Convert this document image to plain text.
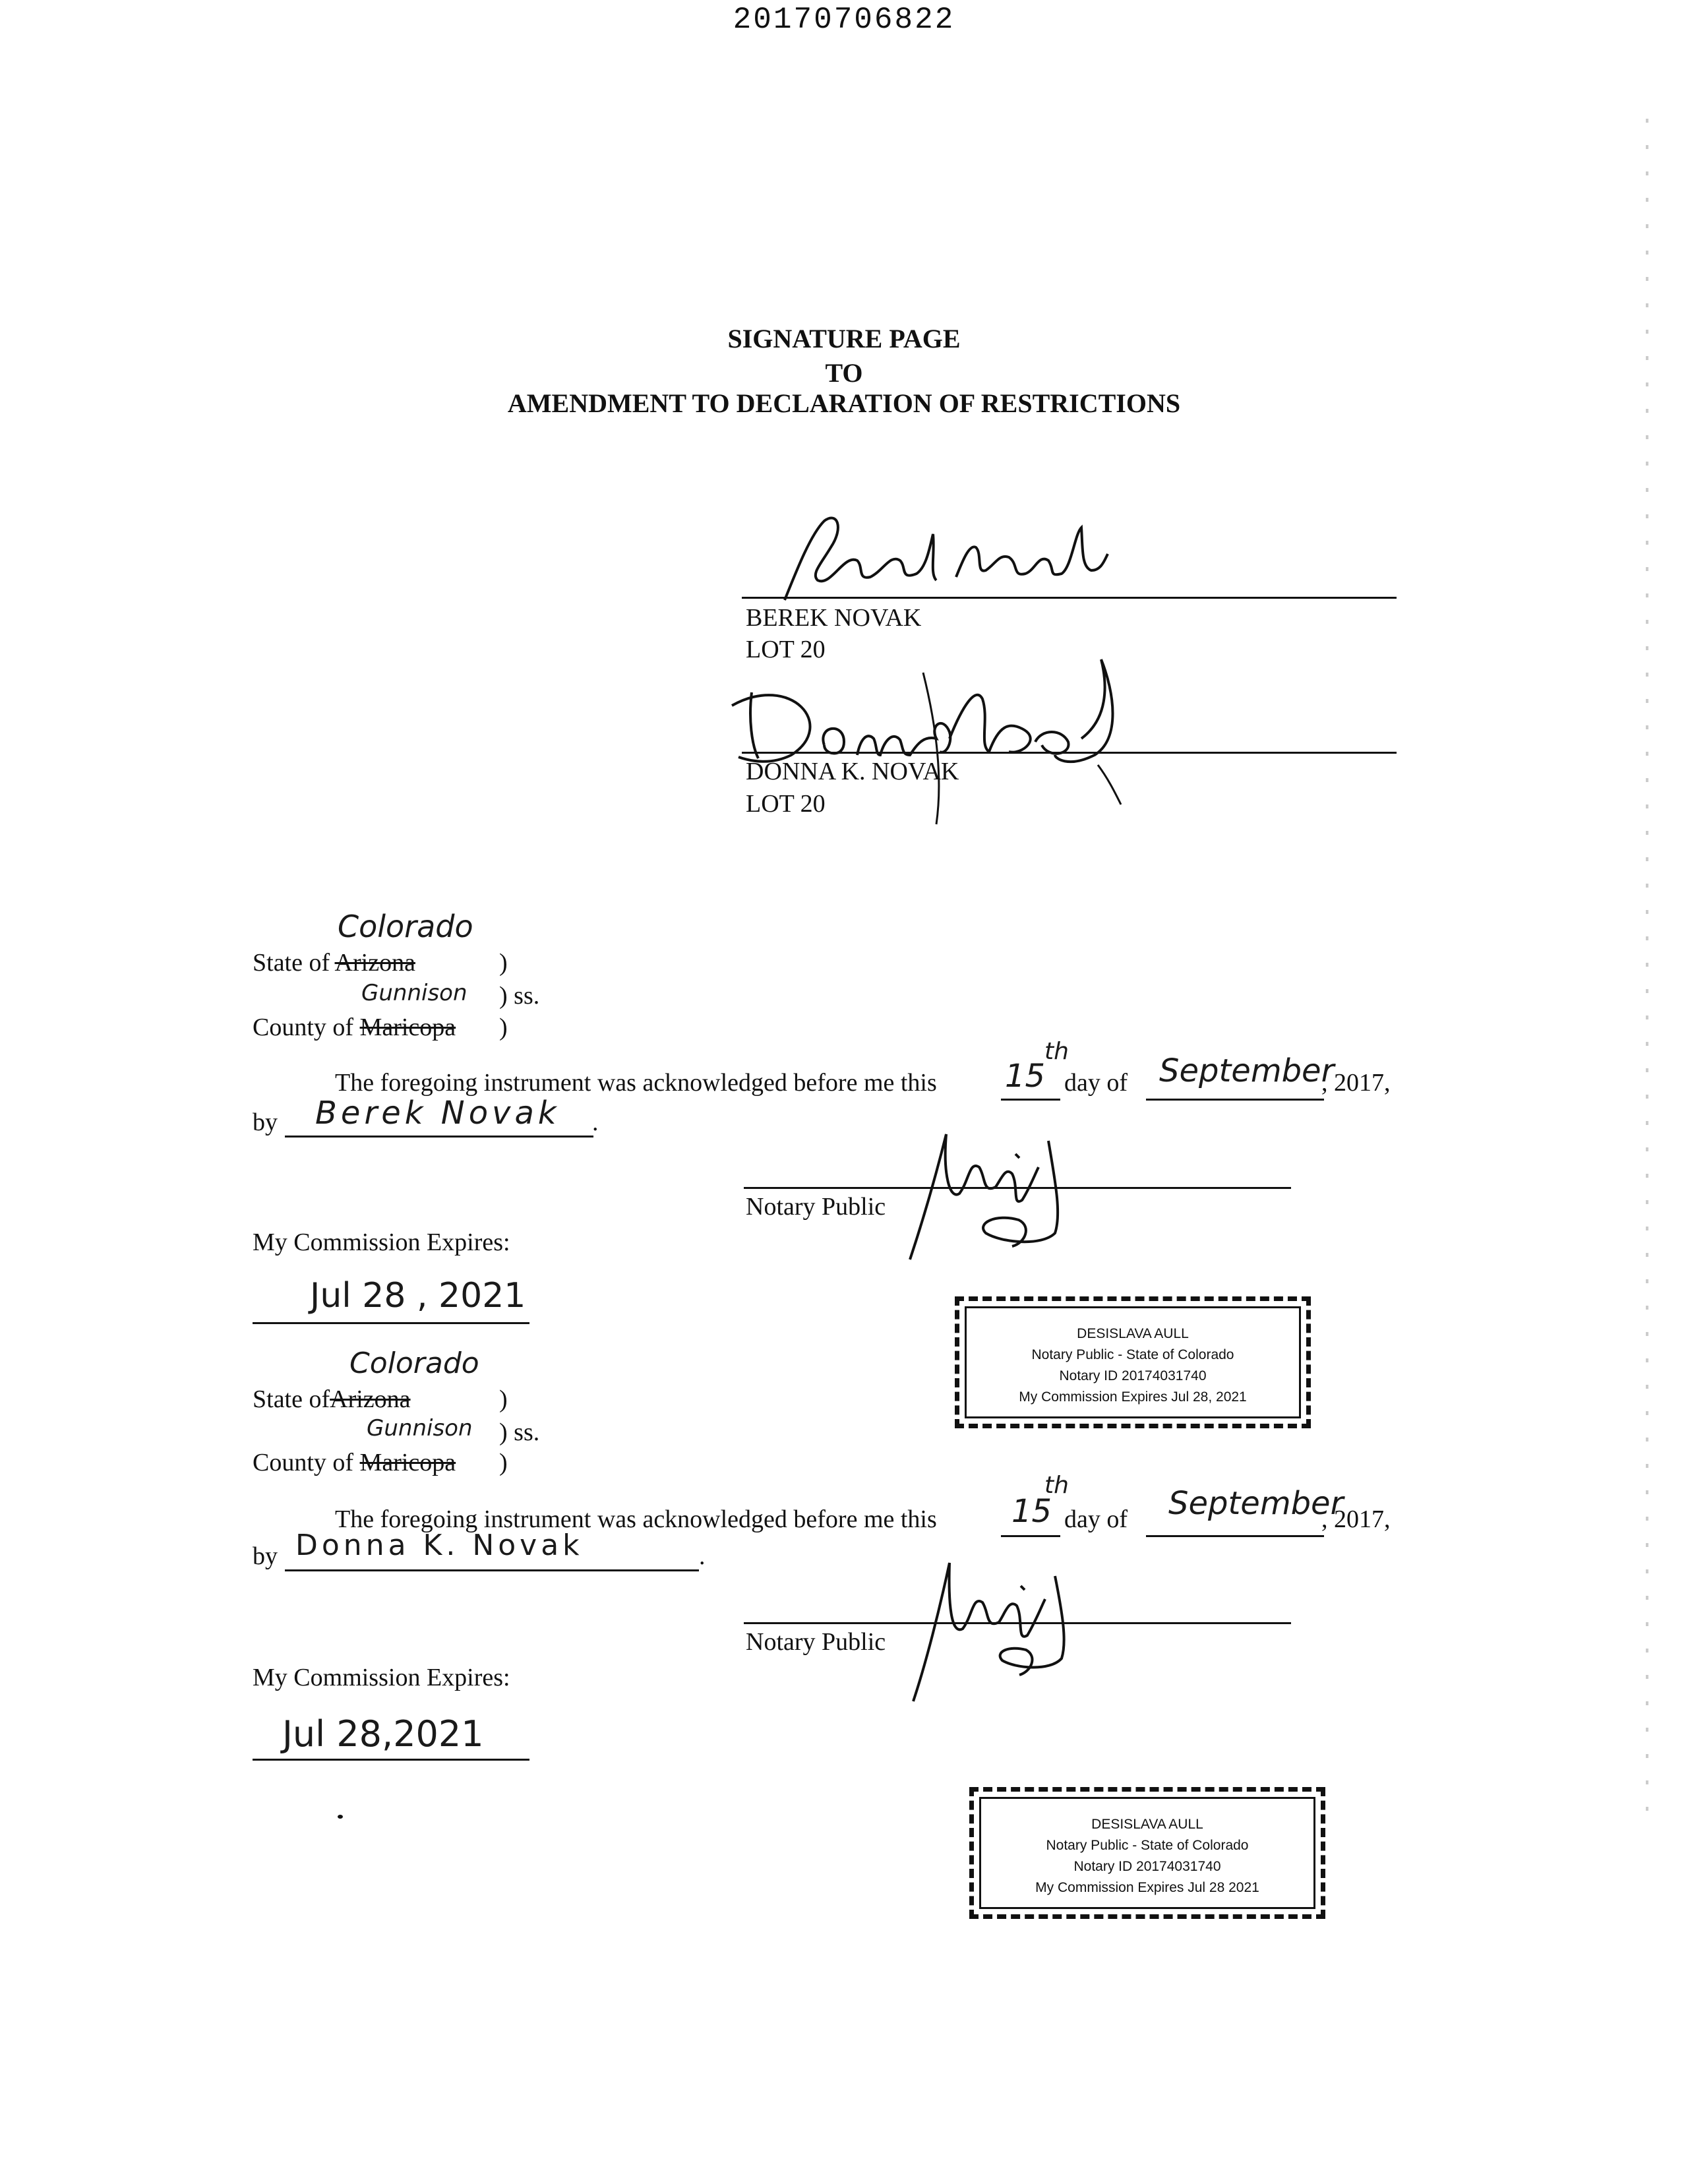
20170706822
SIGNATURE PAGE
TO
AMENDMENT TO DECLARATION OF RESTRICTIONS
BEREK NOVAK
LOT 20
DONNA K. NOVAK
LOT 20
Colorado
State of Arizona	)
Gunnison ) ss.
County of Maricopa )
The foregoing instrument was acknowledged before me this 15
th
day of September
, 2017,
by Berek Novak .
Notary Public
My Commission Expires:
Jul 28 , 2021
DESISLAVA AULL
Notary Public - State of Colorado
Notary ID 20174031740
My Commission Expires Jul 28, 2021
Colorado
State ofArizona	)
Gunnison ) ss.
County of Maricopa )
The foregoing instrument was acknowledged before me this 15
th
day of September
, 2017,
by Donna K. Novak	.
Notary Public
My Commission Expires:
Jul 28,2021
DESISLAVA AULL
Notary Public - State of Colorado
Notary ID 20174031740
My Commission Expires Jul 28 2021
